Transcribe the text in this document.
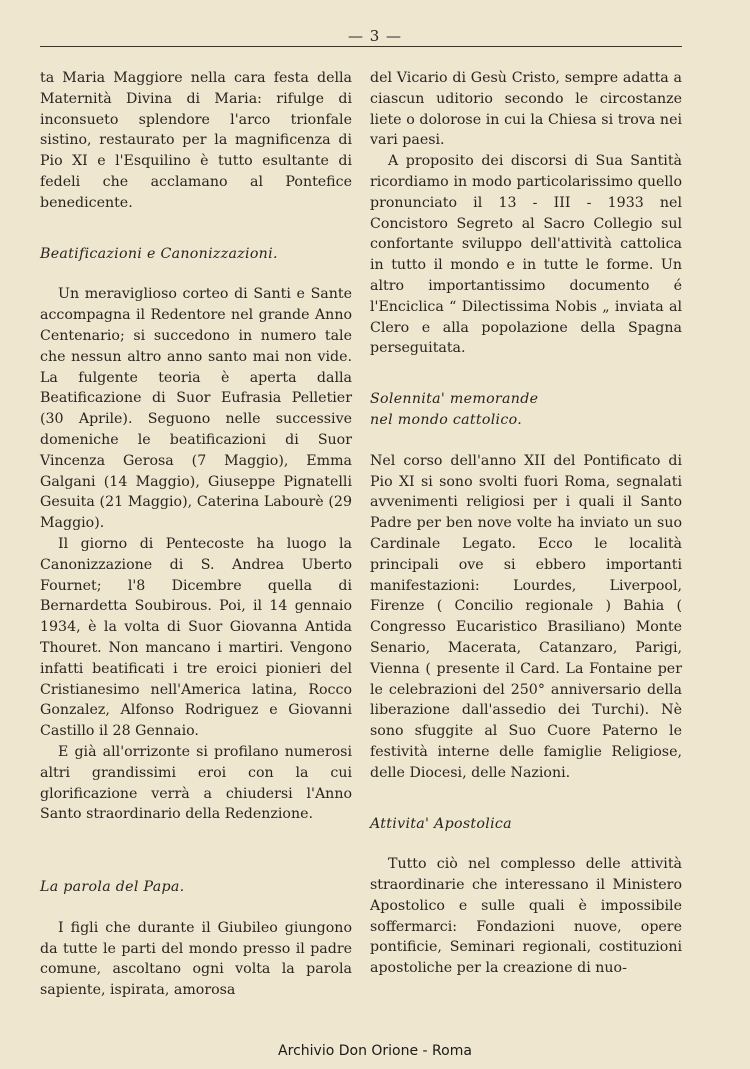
— 3 —

ta Maria Maggiore nella cara festa della Maternità Divina di Maria: rifulge di inconsueto splendore l'arco trionfale sistino, restaurato per la magnificenza di Pio XI e l'Esquilino è tutto esultante di fedeli che acclamano al Pontefice benedicente.

Beatificazioni e Canonizzazioni.

Un meraviglioso corteo di Santi e Sante accompagna il Redentore nel grande Anno Centenario; si succedono in numero tale che nessun altro anno santo mai non vide. La fulgente teoria è aperta dalla Beatificazione di Suor Eufrasia Pelletier (30 Aprile). Seguono nelle successive domeniche le beatificazioni di Suor Vincenza Gerosa (7 Maggio), Emma Galgani (14 Maggio), Giuseppe Pignatelli Gesuita (21 Maggio), Caterina Labourè (29 Maggio).

Il giorno di Pentecoste ha luogo la Canonizzazione di S. Andrea Uberto Fournet; l'8 Dicembre quella di Bernardetta Soubirous. Poi, il 14 gennaio 1934, è la volta di Suor Giovanna Antida Thouret. Non mancano i martiri. Vengono infatti beatificati i tre eroici pionieri del Cristianesimo nell'America latina, Rocco Gonzalez, Alfonso Rodriguez e Giovanni Castillo il 28 Gennaio.

E già all'orrizonte si profilano numerosi altri grandissimi eroi con la cui glorificazione verrà a chiudersi l'Anno Santo straordinario della Redenzione.

La parola del Papa.

I figli che durante il Giubileo giungono da tutte le parti del mondo presso il padre comune, ascoltano ogni volta la parola sapiente, ispirata, amorosa

del Vicario di Gesù Cristo, sempre adatta a ciascun uditorio secondo le circostanze liete o dolorose in cui la Chiesa si trova nei vari paesi.

A proposito dei discorsi di Sua Santità ricordiamo in modo particolarissimo quello pronunciato il 13 - III - 1933 nel Concistoro Segreto al Sacro Collegio sul confortante sviluppo dell'attività cattolica in tutto il mondo e in tutte le forme. Un altro importantissimo documento é l'Enciclica “ Dilectissima Nobis „ inviata al Clero e alla popolazione della Spagna perseguitata.

Solennita' memorande
nel mondo cattolico.

Nel corso dell'anno XII del Pontificato di Pio XI si sono svolti fuori Roma, segnalati avvenimenti religiosi per i quali il Santo Padre per ben nove volte ha inviato un suo Cardinale Legato. Ecco le località principali ove si ebbero importanti manifestazioni: Lourdes, Liverpool, Firenze ( Concilio regionale ) Bahia ( Congresso Eucaristico Brasiliano) Monte Senario, Macerata, Catanzaro, Parigi, Vienna ( presente il Card. La Fontaine per le celebrazioni del 250° anniversario della liberazione dall'assedio dei Turchi). Nè sono sfuggite al Suo Cuore Paterno le festività interne delle famiglie Religiose, delle Diocesi, delle Nazioni.

Attivita' Apostolica

Tutto ciò nel complesso delle attività straordinarie che interessano il Ministero Apostolico e sulle quali è impossibile soffermarci: Fondazioni nuove, opere pontificie, Seminari regionali, costituzioni apostoliche per la creazione di nuo-

Archivio Don Orione - Roma
